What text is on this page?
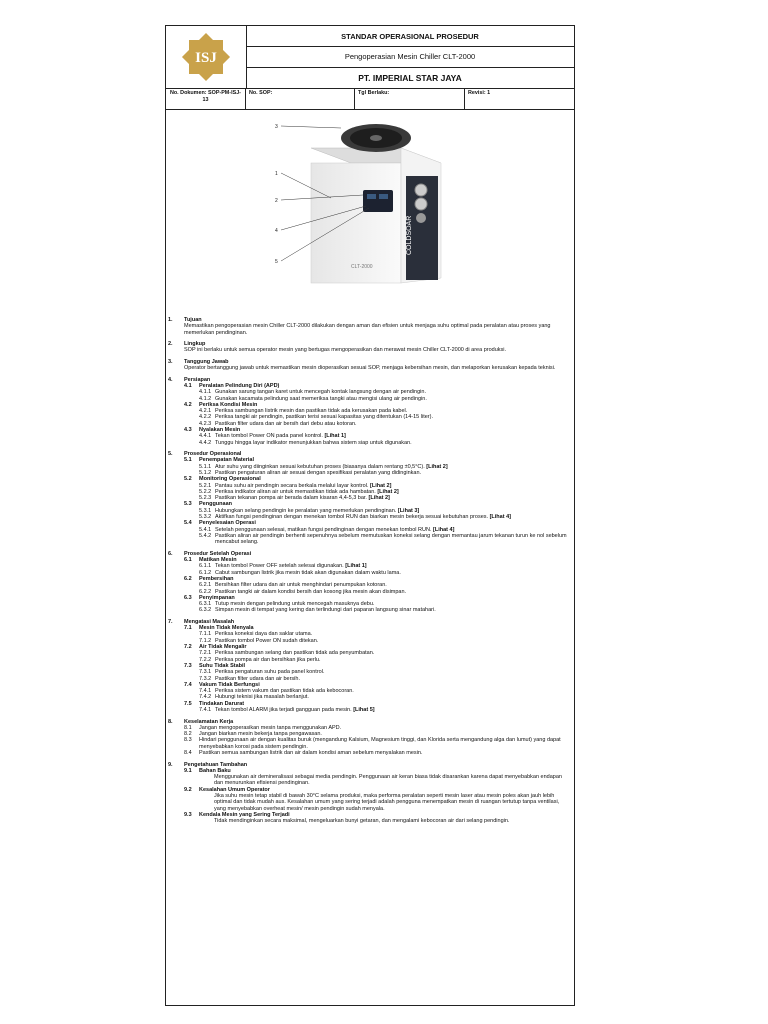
ISJ
STANDAR OPERASIONAL PROSEDUR
Pengoperasian Mesin Chiller CLT-2000
PT. IMPERIAL STAR JAYA
No. Dokumen: SOP-PM-ISJ-13
No. SOP:	Tgl Berlaku:	Revisi: 1
COLDSOAR
CLT-2000
3
1
2
4
5
1.	Tujuan
Memastikan pengoperasian mesin Chiller CLT-2000 dilakukan dengan aman dan efisien untuk menjaga suhu optimal pada peralatan atau proses yang memerlukan pendinginan.
2.	Lingkup
SOP ini berlaku untuk semua operator mesin yang bertugas mengoperasikan dan merawat mesin Chiller CLT-2000 di area produksi.
3.	Tanggung Jawab
Operator bertanggung jawab untuk memastikan mesin dioperasikan sesuai SOP, menjaga kebersihan mesin, dan melaporkan kerusakan kepada teknisi.
4.	Persiapan
4.1	Peralatan Pelindung Diri (APD)
4.1.1 Gunakan sarung tangan karet untuk mencegah kontak langsung dengan air pendingin.
4.1.2 Gunakan kacamata pelindung saat memeriksa tangki atau mengisi ulang air pendingin.
4.2	Periksa Kondisi Mesin
4.2.1 Periksa sambungan listrik mesin dan pastikan tidak ada kerusakan pada kabel.
4.2.2 Periksa tangki air pendingin, pastikan terisi sesuai kapasitas yang ditentukan (14-15 liter).
4.2.3 Pastikan filter udara dan air bersih dari debu atau kotoran.
4.3	Nyalakan Mesin
4.4.1 Tekan tombol Power ON pada panel kontrol. [Lihat 1]
4.4.2 Tunggu hingga layar indikator menunjukkan bahwa sistem siap untuk digunakan.
5.	Prosedur Operasional
5.1	Penempatan Material
5.1.1 Atur suhu yang diinginkan sesuai kebutuhan proses (biasanya dalam rentang ±0,5°C). [Lihat 2]
5.1.2 Pastikan pengaturan aliran air sesuai dengan spesifikasi peralatan yang didinginkan.
5.2	Monitoring Operasional
5.2.1 Pantau suhu air pendingin secara berkala melalui layar kontrol. [Lihat 2]
5.2.2 Periksa indikator aliran air untuk memastikan tidak ada hambatan. [Lihat 2]
5.2.3 Pastikan tekanan pompa air berada dalam kisaran 4,4-5,3 bar. [Lihat 2]
5.3	Penggunaan
5.3.1 Hubungkan selang pendingin ke peralatan yang memerlukan pendinginan. [Lihat 3]
5.3.2 Aktifkan fungsi pendinginan dengan menekan tombol RUN dan biarkan mesin bekerja sesuai kebutuhan proses. [Lihat 4]
5.4	Penyelesaian Operasi
5.4.1 Setelah penggunaan selesai, matikan fungsi pendinginan dengan menekan tombol RUN. [Lihat 4]
5.4.2 Pastikan aliran air pendingin berhenti sepenuhnya sebelum memutuskan koneksi selang dengan memantau jarum tekanan turun ke nol sebelum mencabut selang.
6.	Prosedur Setelah Operasi
6.1	Matikan Mesin
6.1.1 Tekan tombol Power OFF setelah selesai digunakan. [Lihat 1]
6.1.2 Cabut sambungan listrik jika mesin tidak akan digunakan dalam waktu lama.
6.2	Pembersihan
6.2.1 Bersihkan filter udara dan air untuk menghindari penumpukan kotoran.
6.2.2 Pastikan tangki air dalam kondisi bersih dan kosong jika mesin akan disimpan.
6.3	Penyimpanan
6.3.1 Tutup mesin dengan pelindung untuk mencegah masuknya debu.
6.3.2 Simpan mesin di tempat yang kering dan terlindungi dari paparan langsung sinar matahari.
7.	Mengatasi Masalah
7.1	Mesin Tidak Menyala
7.1.1 Periksa koneksi daya dan saklar utama.
7.1.2 Pastikan tombol Power ON sudah ditekan.
7.2	Air Tidak Mengalir
7.2.1 Periksa sambungan selang dan pastikan tidak ada penyumbatan.
7.2.2 Periksa pompa air dan bersihkan jika perlu.
7.3	Suhu Tidak Stabil
7.3.1 Periksa pengaturan suhu pada panel kontrol.
7.3.2 Pastikan filter udara dan air bersih.
7.4	Vakum Tidak Berfungsi
7.4.1 Periksa sistem vakum dan pastikan tidak ada kebocoran.
7.4.2 Hubungi teknisi jika masalah berlanjut.
7.5	Tindakan Darurat
7.4.1 Tekan tombol ALARM jika terjadi gangguan pada mesin. [Lihat 5]
8.	Keselamatan Kerja
8.1	Jangan mengoperasikan mesin tanpa menggunakan APD.
8.2	Jangan biarkan mesin bekerja tanpa pengawasan.
8.3	Hindari penggunaan air dengan kualitas buruk (mengandung Kalsium, Magnesium tinggi, dan Klorida serta mengandung alga dan lumut) yang dapat menyebabkan korosi pada sistem pendingin.
8.4	Pastikan semua sambungan listrik dan air dalam kondisi aman sebelum menyalakan mesin.
9.	Pengetahuan Tambahan
9.1	Bahan Baku
Menggunakan air demineralisasi sebagai media pendingin. Penggunaan air keran biasa tidak disarankan karena dapat menyebabkan endapan dan menurunkan efisiensi pendinginan.
9.2	Kesalahan Umum Operator
Jika suhu mesin tetap stabil di bawah 30°C selama produksi, maka performa peralatan seperti mesin laser atau mesin poles akan jauh lebih optimal dan tidak mudah aus. Kesalahan umum yang sering terjadi adalah pengguna menempatkan mesin di ruangan tertutup tanpa ventilasi, yang menyebabkan overheat mesin/ mesin pendingin sudah menyala.
9.3	Kendala Mesin yang Sering Terjadi
Tidak mendinginkan secara maksimal, mengeluarkan bunyi getaran, dan mengalami kebocoran air dari selang pendingin.
